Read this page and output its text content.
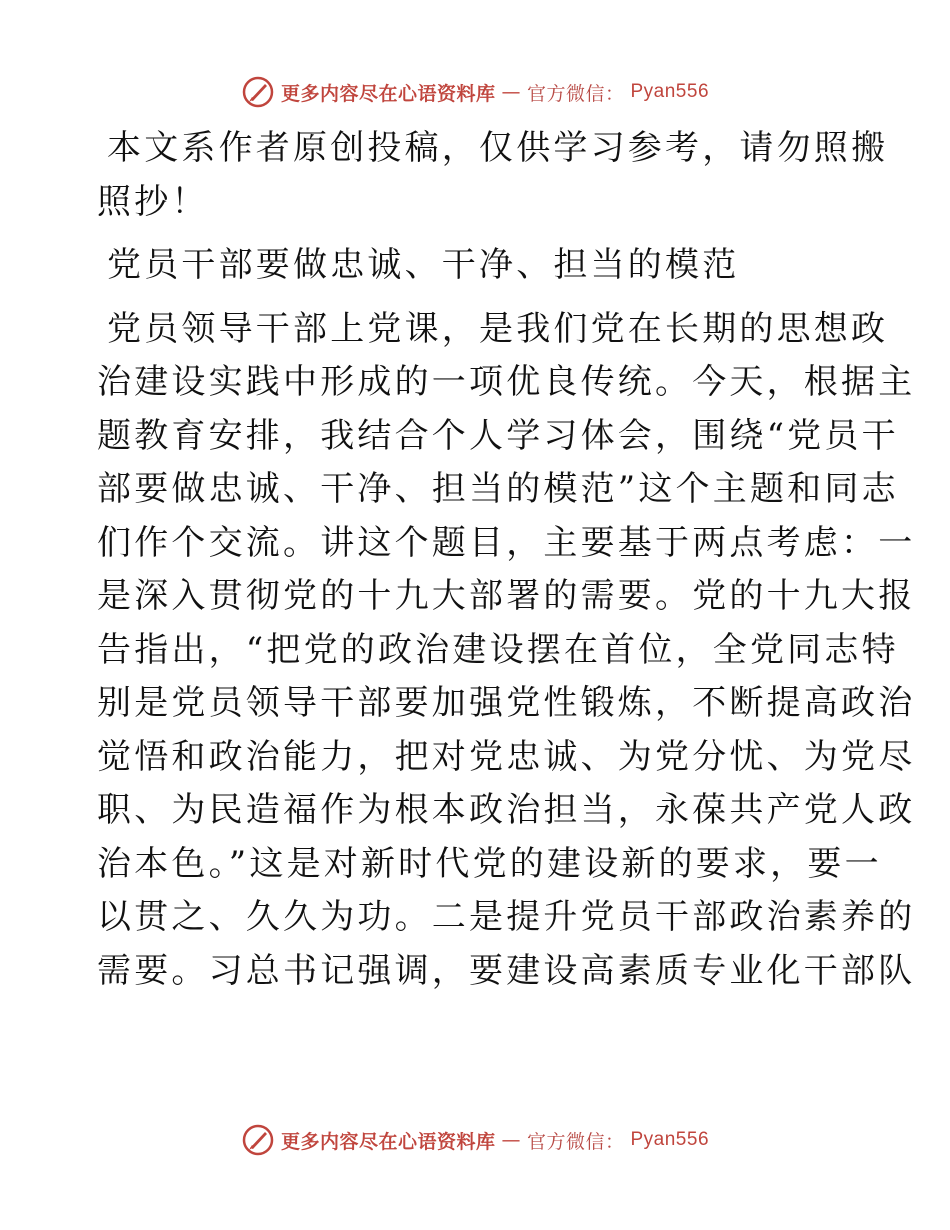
更多内容尽在心语资料库 — 官方微信： Pyan556

本文系作者原创投稿，仅供学习参考，请勿照搬
照抄！

党员干部要做忠诚、干净、担当的模范

党员领导干部上党课，是我们党在长期的思想政
治建设实践中形成的一项优良传统。今天，根据主
题教育安排，我结合个人学习体会，围绕“党员干
部要做忠诚、干净、担当的模范”这个主题和同志
们作个交流。讲这个题目，主要基于两点考虑：一
是深入贯彻党的十九大部署的需要。党的十九大报
告指出，“把党的政治建设摆在首位，全党同志特
别是党员领导干部要加强党性锻炼，不断提高政治
觉悟和政治能力，把对党忠诚、为党分忧、为党尽
职、为民造福作为根本政治担当，永葆共产党人政
治本色。”这是对新时代党的建设新的要求，要一
以贯之、久久为功。二是提升党员干部政治素养的
需要。习总书记强调，要建设高素质专业化干部队

更多内容尽在心语资料库 — 官方微信： Pyan556
